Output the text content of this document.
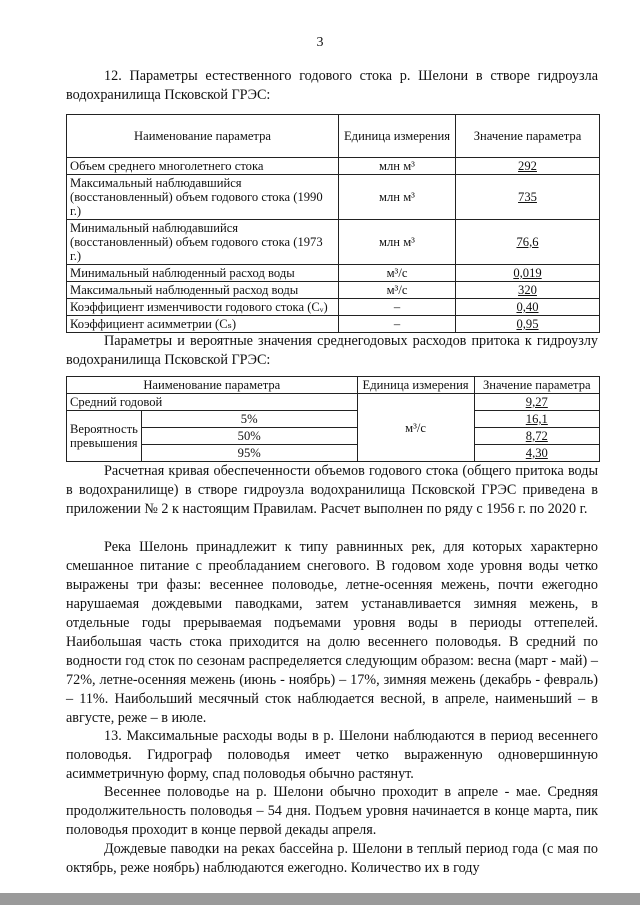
3

12. Параметры естественного годового стока р. Шелони в створе гидроузла водохранилища Псковской ГРЭС:

Наименование параметра	Единица измерения	Значение параметра
Объем среднего многолетнего стока	млн м³	292
Максимальный наблюдавшийся (восстановленный) объем годового стока (1990 г.)	млн м³	735
Минимальный наблюдавшийся (восстановленный) объем годового стока (1973 г.)	млн м³	76,6
Минимальный наблюденный расход воды	м³/с	0,019
Максимальный наблюденный расход воды	м³/с	320
Коэффициент изменчивости годового стока (Cᵥ)	–	0,40
Коэффициент асимметрии (Cₛ)	–	0,95

Параметры и вероятные значения среднегодовых расходов притока к гидроузлу водохранилища Псковской ГРЭС:

Наименование параметра		Единица измерения	Значение параметра
Средний годовой		м³/с	9,27
Вероятность превышения	5%		16,1
	50%		8,72
	95%		4,30

Расчетная кривая обеспеченности объемов годового стока (общего притока воды в водохранилище) в створе гидроузла водохранилища Псковской ГРЭС приведена в приложении № 2 к настоящим Правилам. Расчет выполнен по ряду с 1956 г. по 2020 г.

Река Шелонь принадлежит к типу равнинных рек, для которых характерно смешанное питание с преобладанием снегового. В годовом ходе уровня воды четко выражены три фазы: весеннее половодье, летне-осенняя межень, почти ежегодно нарушаемая дождевыми паводками, затем устанавливается зимняя межень, в отдельные годы прерываемая подъемами уровня воды в периоды оттепелей. Наибольшая часть стока приходится на долю весеннего половодья. В средний по водности год сток по сезонам распределяется следующим образом: весна (март - май) – 72%, летне-осенняя межень (июнь - ноябрь) – 17%, зимняя межень (декабрь - февраль) – 11%. Наибольший месячный сток наблюдается весной, в апреле, наименьший – в августе, реже – в июле.

13. Максимальные расходы воды в р. Шелони наблюдаются в период весеннего половодья. Гидрограф половодья имеет четко выраженную одновершинную асимметричную форму, спад половодья обычно растянут.

Весеннее половодье на р. Шелони обычно проходит в апреле - мае. Средняя продолжительность половодья – 54 дня. Подъем уровня начинается в конце марта, пик половодья проходит в конце первой декады апреля.

Дождевые паводки на реках бассейна р. Шелони в теплый период года (с мая по октябрь, реже ноябрь) наблюдаются ежегодно. Количество их в году
